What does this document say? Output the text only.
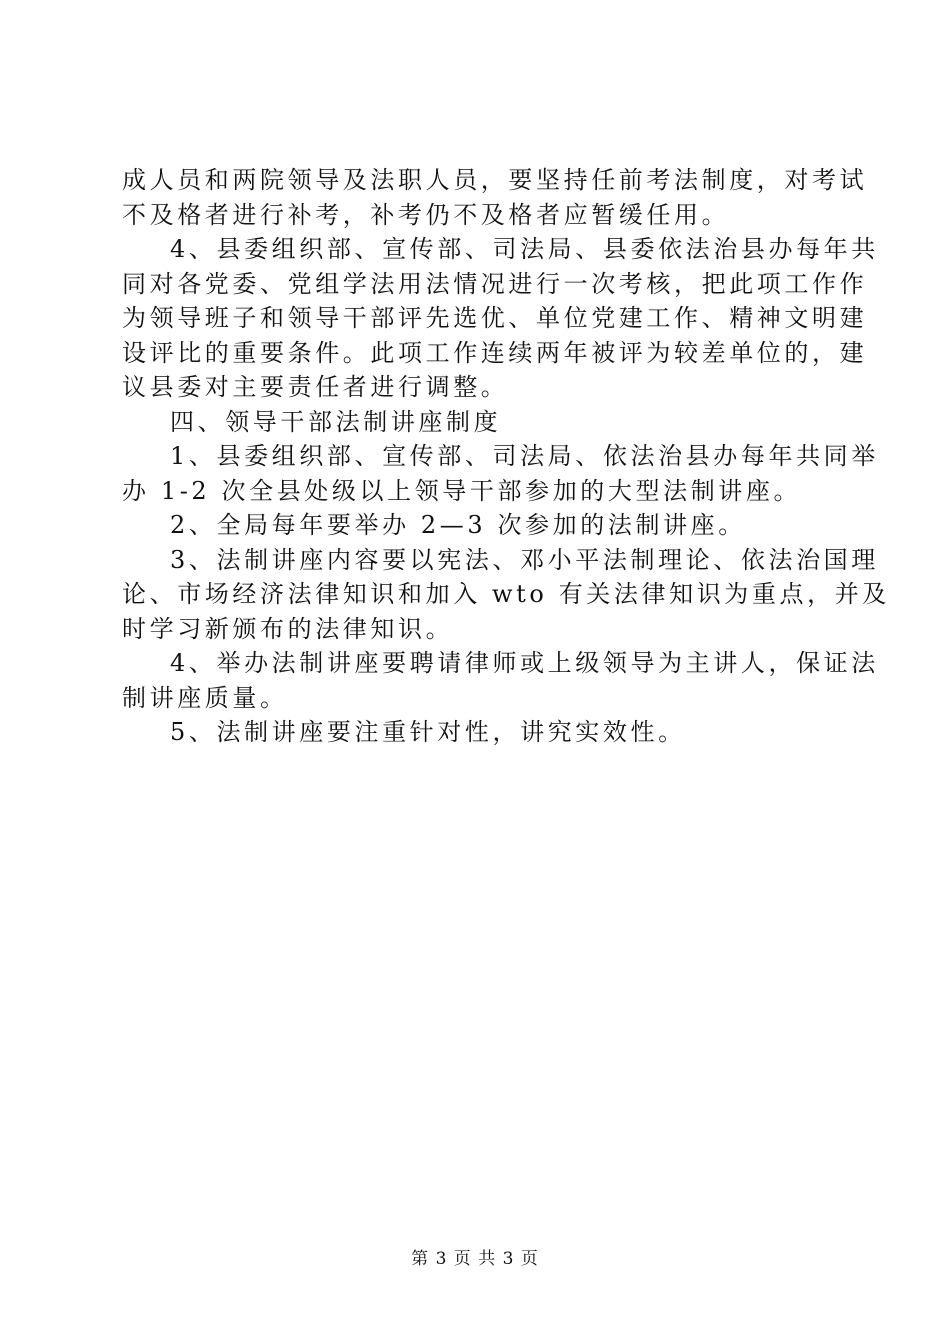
成人员和两院领导及法职人员，要坚持任前考法制度，对考试
不及格者进行补考，补考仍不及格者应暂缓任用。

4、县委组织部、宣传部、司法局、县委依法治县办每年共
同对各党委、党组学法用法情况进行一次考核，把此项工作作
为领导班子和领导干部评先选优、单位党建工作、精神文明建
设评比的重要条件。此项工作连续两年被评为较差单位的，建
议县委对主要责任者进行调整。

四、领导干部法制讲座制度

1、县委组织部、宣传部、司法局、依法治县办每年共同举
办 1-2 次全县处级以上领导干部参加的大型法制讲座。

2、全局每年要举办 2—3 次参加的法制讲座。

3、法制讲座内容要以宪法、邓小平法制理论、依法治国理
论、市场经济法律知识和加入 wto 有关法律知识为重点，并及
时学习新颁布的法律知识。

4、举办法制讲座要聘请律师或上级领导为主讲人，保证法
制讲座质量。

5、法制讲座要注重针对性，讲究实效性。

第 3 页 共 3 页
